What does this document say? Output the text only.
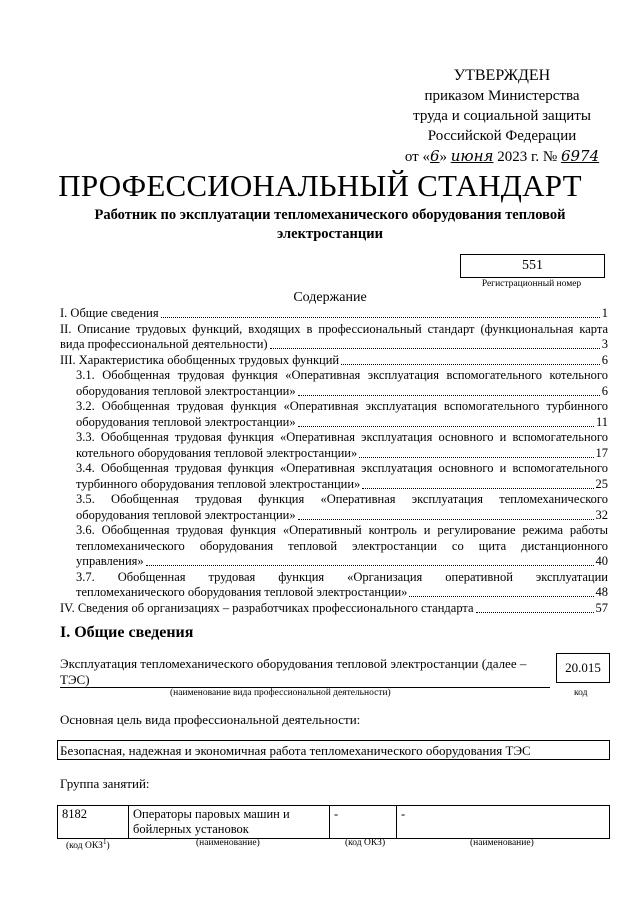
УТВЕРЖДЕН
приказом Министерства
труда и социальной защиты
Российской Федерации
от «6» июня 2023 г. № 6974
ПРОФЕССИОНАЛЬНЫЙ СТАНДАРТ
Работник по эксплуатации тепломеханического оборудования тепловой электростанции
551
Регистрационный номер
Содержание
I. Общие сведения	1
II. Описание трудовых функций, входящих в профессиональный стандарт (функциональная карта
вида профессиональной деятельности)	3
III. Характеристика обобщенных трудовых функций	6
3.1. Обобщенная трудовая функция «Оперативная эксплуатация вспомогательного котельного
оборудования тепловой электростанции»	6
3.2. Обобщенная трудовая функция «Оперативная эксплуатация вспомогательного турбинного
оборудования тепловой электростанции»	11
3.3. Обобщенная трудовая функция «Оперативная эксплуатация основного и вспомогательного
котельного оборудования тепловой электростанции»	17
3.4. Обобщенная трудовая функция «Оперативная эксплуатация основного и вспомогательного
турбинного оборудования тепловой электростанции»	25
3.5. Обобщенная трудовая функция «Оперативная эксплуатация тепломеханического
оборудования тепловой электростанции»	32
3.6. Обобщенная трудовая функция «Оперативный контроль и регулирование режима работы
тепломеханического оборудования тепловой электростанции со щита дистанционного
управления»	40
3.7. Обобщенная трудовая функция «Организация оперативной эксплуатации
тепломеханического оборудования тепловой электростанции»	48
IV. Сведения об организациях – разработчиках профессионального стандарта	57
I. Общие сведения
Эксплуатация тепломеханического оборудования тепловой электростанции (далее – ТЭС)
20.015
(наименование вида профессиональной деятельности)	код
Основная цель вида профессиональной деятельности:
Безопасная, надежная и экономичная работа тепломеханического оборудования ТЭС
Группа занятий:
8182	Операторы паровых машин и бойлерных установок	-	-
(код ОКЗ$^1$)	(наименование)	(код ОКЗ)	(наименование)
